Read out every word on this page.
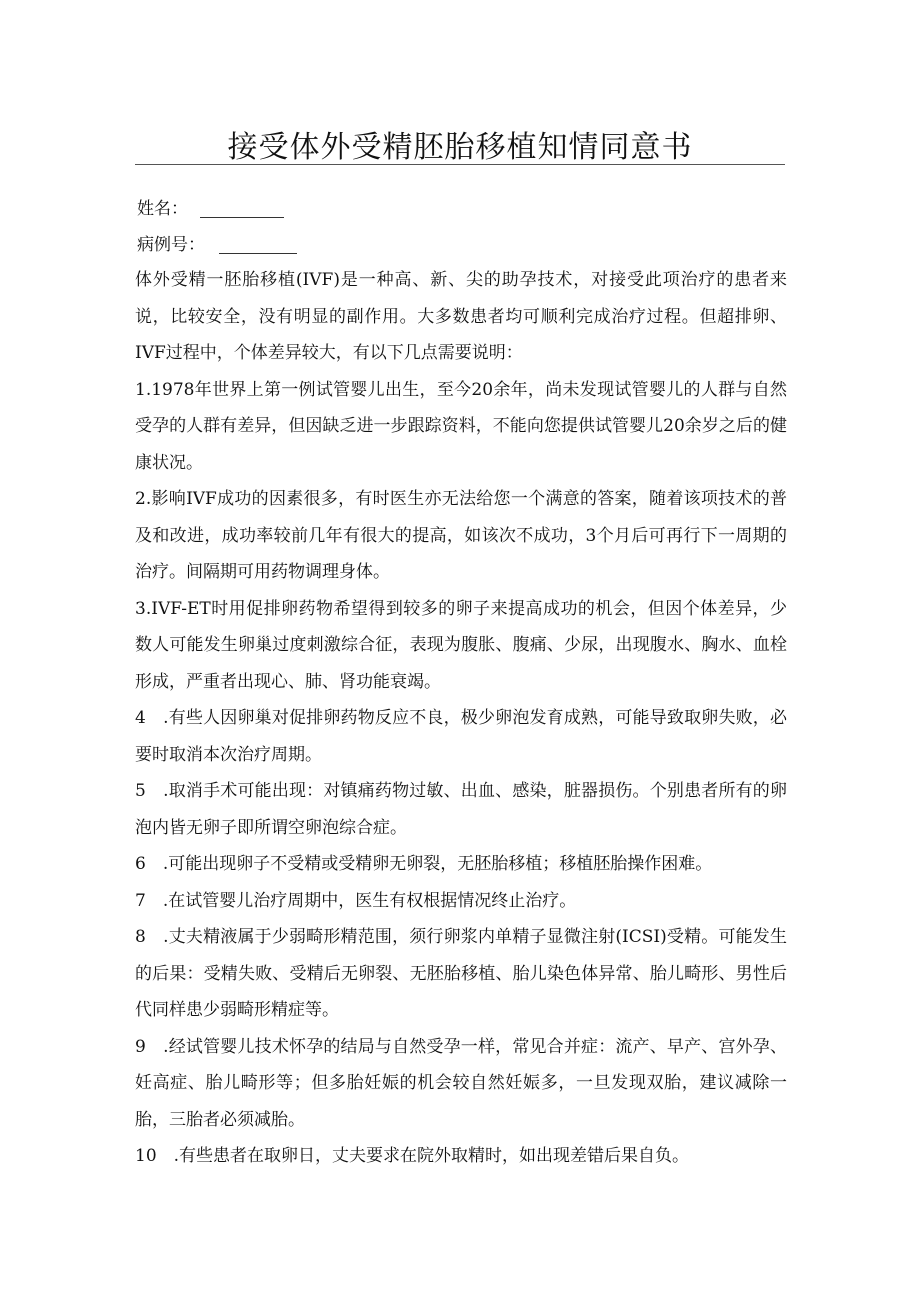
接受体外受精胚胎移植知情同意书
姓名：
病例号：

体外受精一胚胎移植(IVF)是一种高、新、尖的助孕技术，对接受此项治疗的患者来说，比较安全，没有明显的副作用。大多数患者均可顺利完成治疗过程。但超排卵、IVF过程中，个体差异较大，有以下几点需要说明：

1.1978年世界上第一例试管婴儿出生，至今20余年，尚未发现试管婴儿的人群与自然受孕的人群有差异，但因缺乏进一步跟踪资料，不能向您提供试管婴儿20余岁之后的健康状况。

2.影响IVF成功的因素很多，有时医生亦无法给您一个满意的答案，随着该项技术的普及和改进，成功率较前几年有很大的提高，如该次不成功，3个月后可再行下一周期的治疗。间隔期可用药物调理身体。

3.IVF-ET时用促排卵药物希望得到较多的卵子来提高成功的机会，但因个体差异，少数人可能发生卵巢过度刺激综合征，表现为腹胀、腹痛、少尿，出现腹水、胸水、血栓形成，严重者出现心、肺、肾功能衰竭。

4　.有些人因卵巢对促排卵药物反应不良，极少卵泡发育成熟，可能导致取卵失败，必要时取消本次治疗周期。

5　.取消手术可能出现：对镇痛药物过敏、出血、感染，脏器损伤。个别患者所有的卵泡内皆无卵子即所谓空卵泡综合症。

6　.可能出现卵子不受精或受精卵无卵裂，无胚胎移植；移植胚胎操作困难。

7　.在试管婴儿治疗周期中，医生有权根据情况终止治疗。

8　.丈夫精液属于少弱畸形精范围，须行卵浆内单精子显微注射(ICSI)受精。可能发生的后果：受精失败、受精后无卵裂、无胚胎移植、胎儿染色体异常、胎儿畸形、男性后代同样患少弱畸形精症等。

9　.经试管婴儿技术怀孕的结局与自然受孕一样，常见合并症：流产、早产、宫外孕、妊高症、胎儿畸形等；但多胎妊娠的机会较自然妊娠多，一旦发现双胎，建议减除一胎，三胎者必须减胎。

10　.有些患者在取卵日，丈夫要求在院外取精时，如出现差错后果自负。
